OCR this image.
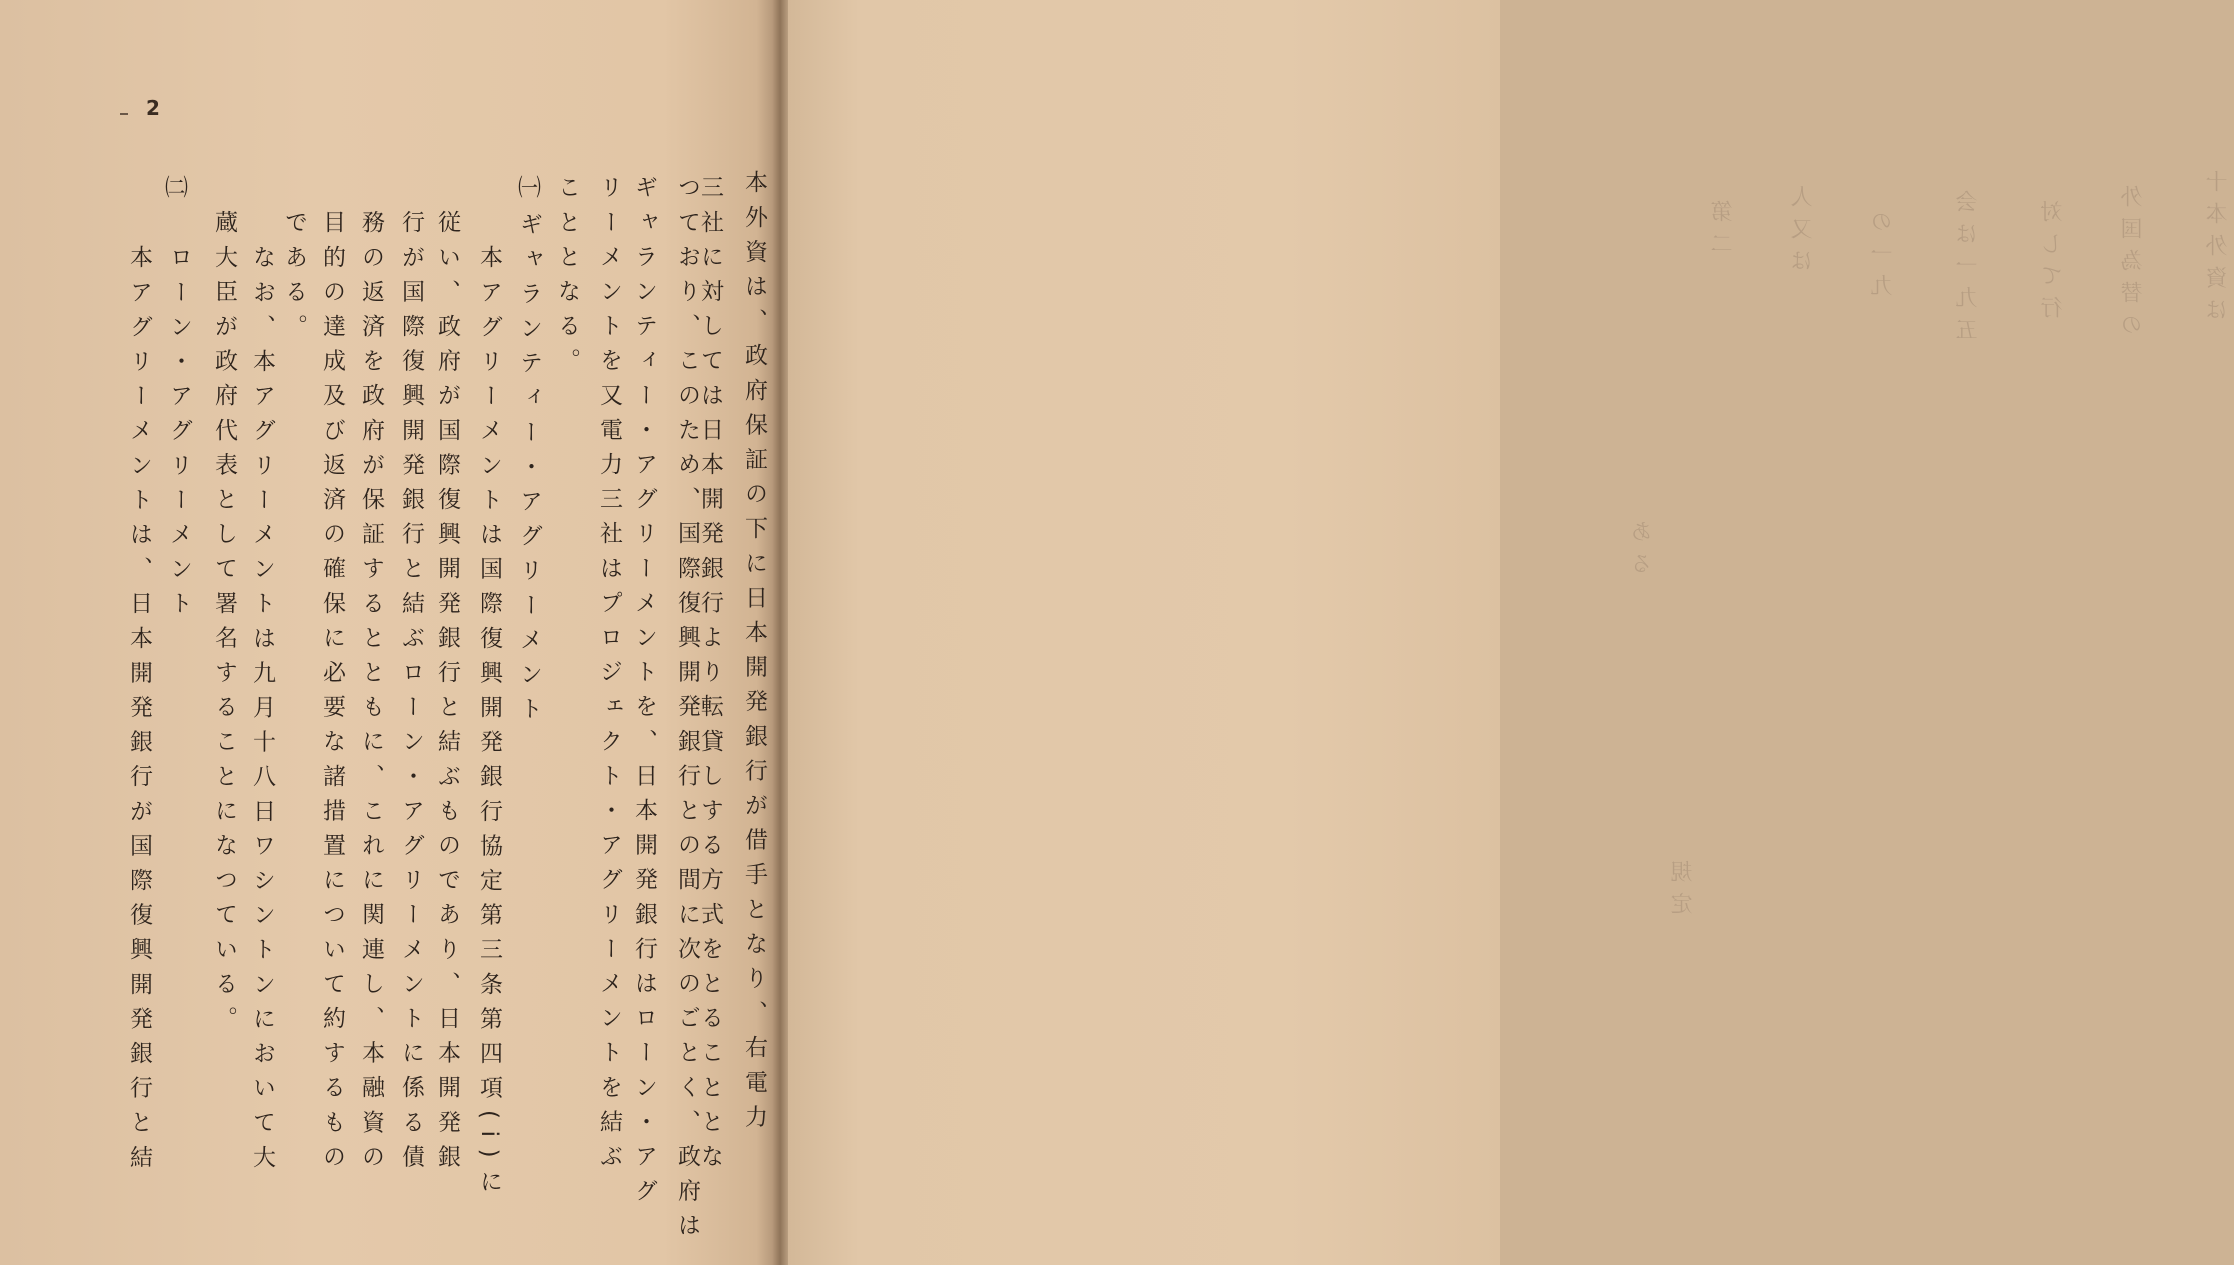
2
本外資は、政府保証の下に日本開発銀行が借手となり、右電力
三社に対しては日本開発銀行より転貸しする方式をとることとな
つており、このため、国際復興開発銀行との間に次のごとく、政府は
ギャランティー・アグリーメントを、日本開発銀行はローン・アグ
リーメントを又電力三社はプロジェクト・アグリーメントを結ぶ
こととなる。
㈠
ギャランティー・アグリーメント
本アグリーメントは国際復興開発銀行協定第三条第四項(i)に
従い、政府が国際復興開発銀行と結ぶものであり、日本開発銀
行が国際復興開発銀行と結ぶローン・アグリーメントに係る債
務の返済を政府が保証するとともに、これに関連し、本融資の
目的の達成及び返済の確保に必要な諸措置について約するもの
である。
なお、本アグリーメントは九月十八日ワシントンにおいて大
蔵大臣が政府代表として署名することになつている。
㈡
ローン・アグリーメント
本アグリーメントは、日本開発銀行が国際復興開発銀行と結	十本外資は
外国為替の
対して行
会は一九五
の一九
人又は
第二
ある
規定
